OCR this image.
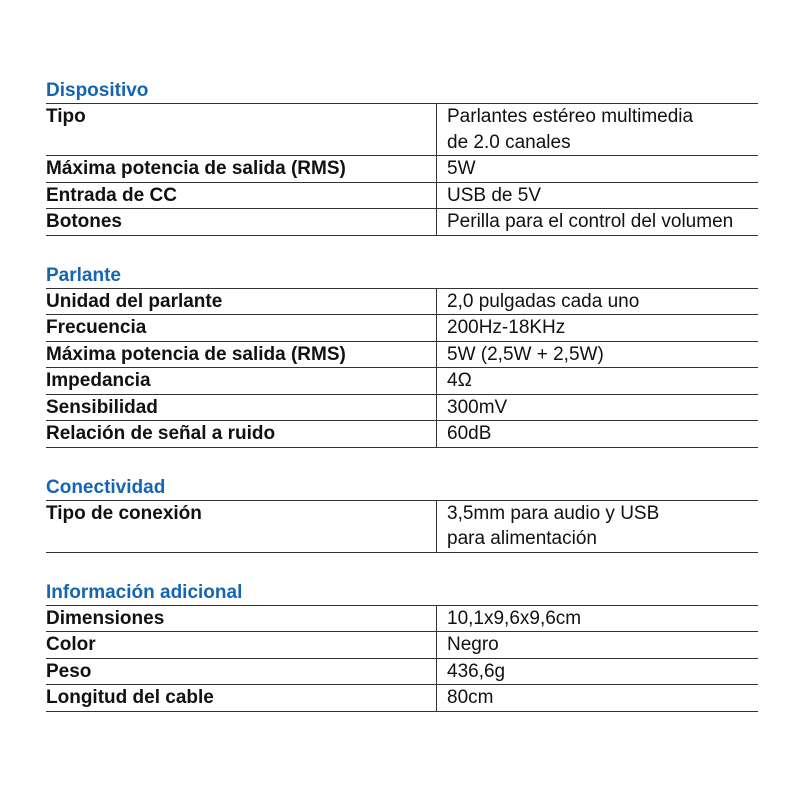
Dispositivo
Tipo	Parlantes estéreo multimedia
de 2.0 canales
Máxima potencia de salida (RMS)	5W
Entrada de CC	USB de 5V
Botones	Perilla para el control del volumen
Parlante
Unidad del parlante	2,0 pulgadas cada uno
Frecuencia	200Hz-18KHz
Máxima potencia de salida (RMS)	5W (2,5W + 2,5W)
Impedancia	4Ω
Sensibilidad	300mV
Relación de señal a ruido	60dB
Conectividad
Tipo de conexión	3,5mm para audio y USB
para alimentación
Información adicional
Dimensiones	10,1x9,6x9,6cm
Color	Negro
Peso	436,6g
Longitud del cable	80cm
